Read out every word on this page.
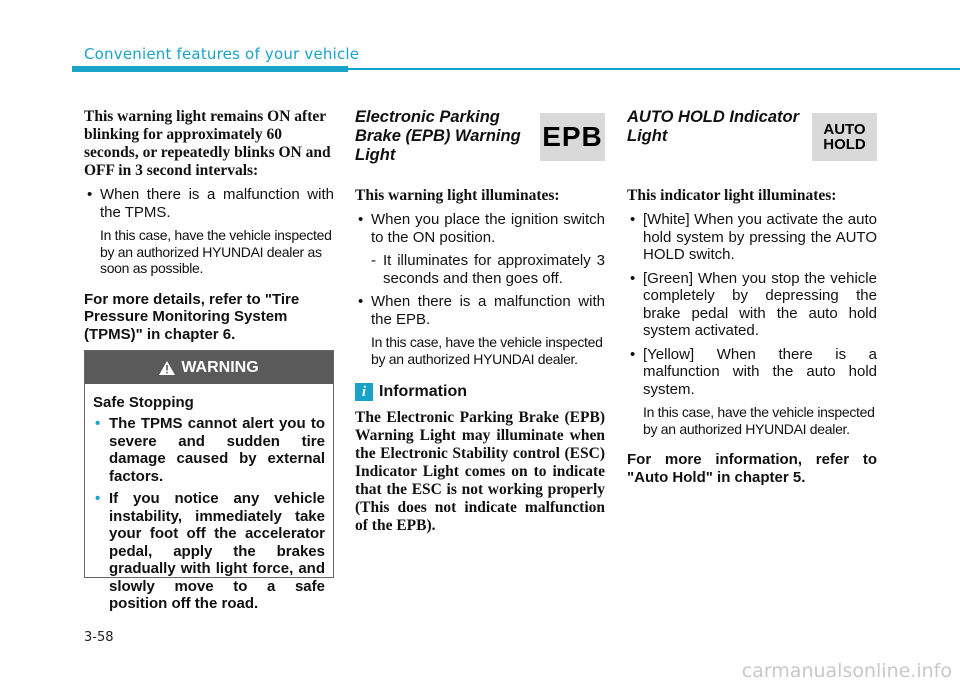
Convenient features of your vehicle
This warning light remains ON after blinking for approximately 60 seconds, or repeatedly blinks ON and OFF in 3 second intervals:
• When there is a malfunction with the TPMS.
In this case, have the vehicle inspected by an authorized HYUNDAI dealer as soon as possible.
For more details, refer to "Tire Pressure Monitoring System (TPMS)" in chapter 6.
WARNING
Safe Stopping
• The TPMS cannot alert you to severe and sudden tire damage caused by external factors.
• If you notice any vehicle instability, immediately take your foot off the accelerator pedal, apply the brakes gradually with light force, and slowly move to a safe position off the road.
EPB
Electronic Parking Brake (EPB) Warning Light
This warning light illuminates:
• When you place the ignition switch to the ON position.
- It illuminates for approximately 3 seconds and then goes off.
• When there is a malfunction with the EPB.
In this case, have the vehicle inspected by an authorized HYUNDAI dealer.
i Information
The Electronic Parking Brake (EPB) Warning Light may illuminate when the Electronic Stability control (ESC) Indicator Light comes on to indicate that the ESC is not working properly (This does not indicate malfunction of the EPB).
AUTO
HOLD
AUTO HOLD Indicator Light
This indicator light illuminates:
• [White] When you activate the auto hold system by pressing the AUTO HOLD switch.
• [Green] When you stop the vehicle completely by depressing the brake pedal with the auto hold system activated.
• [Yellow] When there is a malfunction with the auto hold system.
In this case, have the vehicle inspected by an authorized HYUNDAI dealer.
For more information, refer to "Auto Hold" in chapter 5.
3-58
carmanualsonline.info
